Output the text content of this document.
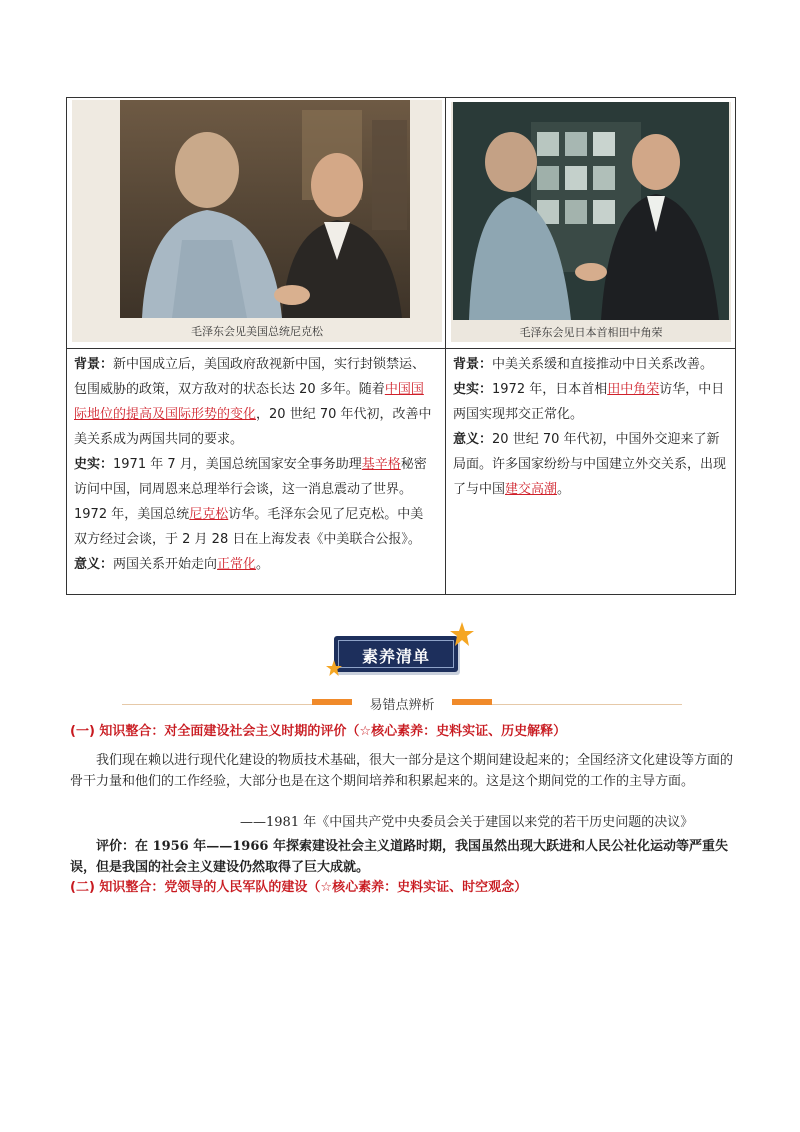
毛泽东会见美国总统尼克松	毛泽东会见日本首相田中角荣
背景：新中国成立后，美国政府敌视新中国，实行封锁禁运、包围威胁的政策，双方敌对的状态长达 20 多年。随着中国国际地位的提高及国际形势的变化，20 世纪 70 年代初，改善中美关系成为两国共同的要求。
史实：1971 年 7 月，美国总统国家安全事务助理基辛格秘密访问中国，同周恩来总理举行会谈，这一消息震动了世界。1972 年，美国总统尼克松访华。毛泽东会见了尼克松。中美双方经过会谈，于 2 月 28 日在上海发表《中美联合公报》。
意义：两国关系开始走向正常化。
背景：中美关系缓和直接推动中日关系改善。
史实：1972 年，日本首相田中角荣访华，中日两国实现邦交正常化。
意义：20 世纪 70 年代初，中国外交迎来了新局面。许多国家纷纷与中国建立外交关系，出现了与中国建交高潮。
素养清单
易错点辨析
(一) 知识整合：对全面建设社会主义时期的评价（☆核心素养：史料实证、历史解释）
我们现在赖以进行现代化建设的物质技术基础，很大一部分是这个期间建设起来的；全国经济文化建设等方面的骨干力量和他们的工作经验，大部分也是在这个期间培养和积累起来的。这是这个期间党的工作的主导方面。
——1981 年《中国共产党中央委员会关于建国以来党的若干历史问题的决议》
评价：在 1956 年——1966 年探索建设社会主义道路时期，我国虽然出现大跃进和人民公社化运动等严重失误，但是我国的社会主义建设仍然取得了巨大成就。
(二) 知识整合：党领导的人民军队的建设（☆核心素养：史料实证、时空观念）
